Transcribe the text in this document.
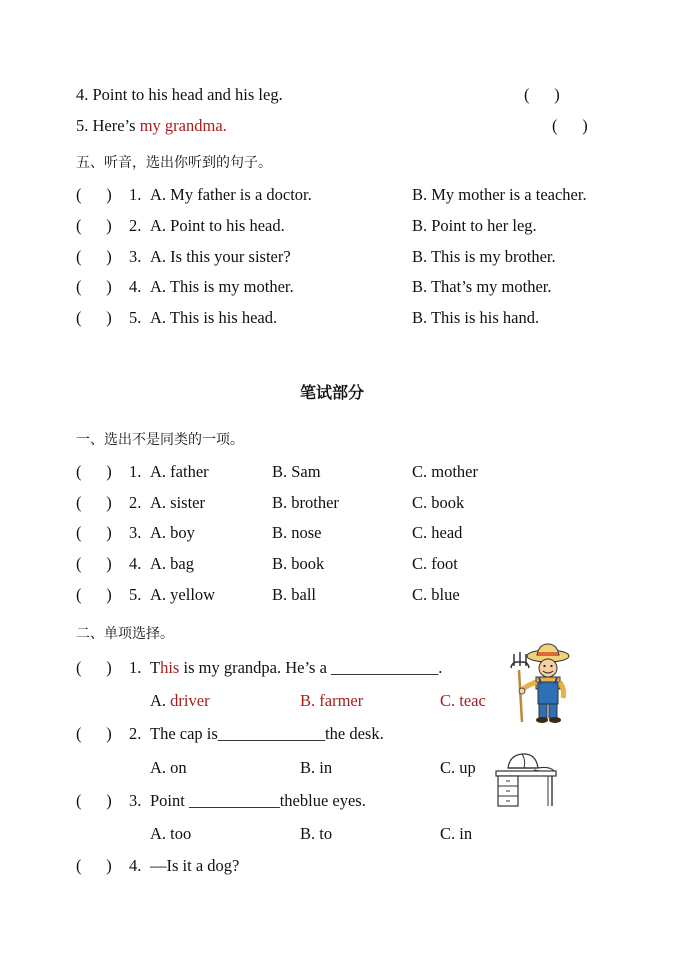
4. Point to his head and his leg.	(      )
5. Here’s my grandma.	(      )
五、听音，选出你听到的句子。
(      ) 1. A. My father is a doctor.	B. My mother is a teacher.
(      ) 2. A. Point to his head.	B. Point to her leg.
(      ) 3. A. Is this your sister?	B. This is my brother.
(      ) 4. A. This is my mother.	B. That’s my mother.
(      ) 5. A. This is his head.	B. This is his hand.
笔试部分
一、选出不是同类的一项。
(      ) 1. A. father	B. Sam	C. mother
(      ) 2. A. sister	B. brother	C. book
(      ) 3. A. boy	B. nose	C. head
(      ) 4. A. bag	B. book	C. foot
(      ) 5. A. yellow	B. ball	C. blue
二、单项选择。
(      ) 1. This is my grandpa. He’s a _____________.
A. driver	B. farmer	C. teac
(      ) 2. The cap is_____________the desk.
A. on	B. in	C. up
(      ) 3. Point ___________theblue eyes.
A. too	B. to	C. in
(      ) 4. —Is it a dog?
